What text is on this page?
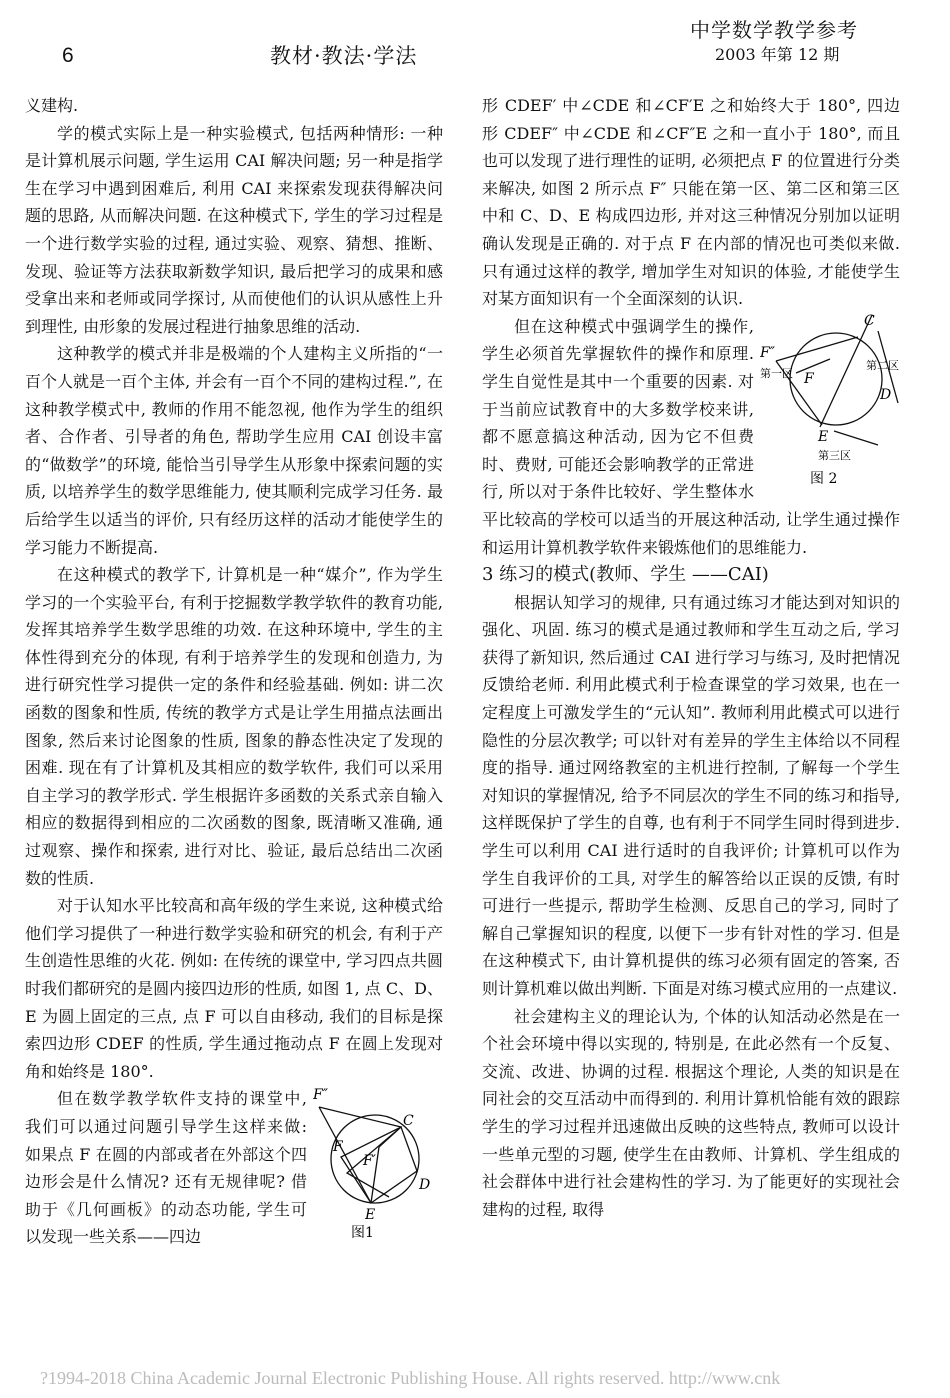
6	教材·教法·学法
中学数学教学参考
2003 年第 12 期

义建构.

学的模式实际上是一种实验模式, 包括两种情形: 一种是计算机展示问题, 学生运用 CAI 解决问题; 另一种是指学生在学习中遇到困难后, 利用 CAI 来探索发现获得解决问题的思路, 从而解决问题. 在这种模式下, 学生的学习过程是一个进行数学实验的过程, 通过实验、观察、猜想、推断、发现、验证等方法获取新数学知识, 最后把学习的成果和感受拿出来和老师或同学探讨, 从而使他们的认识从感性上升到理性, 由形象的发展过程进行抽象思维的活动.

这种教学的模式并非是极端的个人建构主义所指的“一百个人就是一百个主体, 并会有一百个不同的建构过程.”, 在这种教学模式中, 教师的作用不能忽视, 他作为学生的组织者、合作者、引导者的角色, 帮助学生应用 CAI 创设丰富的“做数学”的环境, 能恰当引导学生从形象中探索问题的实质, 以培养学生的数学思维能力, 使其顺利完成学习任务. 最后给学生以适当的评价, 只有经历这样的活动才能使学生的学习能力不断提高.

在这种模式的教学下, 计算机是一种“媒介”, 作为学生学习的一个实验平台, 有利于挖掘数学教学软件的教育功能, 发挥其培养学生数学思维的功效. 在这种环境中, 学生的主体性得到充分的体现, 有利于培养学生的发现和创造力, 为进行研究性学习提供一定的条件和经验基础. 例如: 讲二次函数的图象和性质, 传统的教学方式是让学生用描点法画出图象, 然后来讨论图象的性质, 图象的静态性决定了发现的困难. 现在有了计算机及其相应的数学软件, 我们可以采用自主学习的教学形式. 学生根据许多函数的关系式亲自输入相应的数据得到相应的二次函数的图象, 既清晰又准确, 通过观察、操作和探索, 进行对比、验证, 最后总结出二次函数的性质.

对于认知水平比较高和高年级的学生来说, 这种模式给他们学习提供了一种进行数学实验和研究的机会, 有利于产生创造性思维的火花. 例如: 在传统的课堂中, 学习四点共圆时我们都研究的是圆内接四边形的性质, 如图 1, 点 C、D、E 为圆上固定的三点, 点 F 可以自由移动, 我们的目标是探索四边形 CDEF 的性质, 学生通过拖动点 F 在圆上发现对角和始终是 180°.

F″
C
F
F′
D
E
图1

但在数学教学软件支持的课堂中, 我们可以通过问题引导学生这样来做: 如果点 F 在圆的内部或者在外部这个四边形会是什么情况? 还有无规律呢? 借助于《几何画板》的动态功能, 学生可以发现一些关系——四边

形 CDEF′ 中∠CDE 和∠CF′E 之和始终大于 180°, 四边形 CDEF″ 中∠CDE 和∠CF″E 之和一直小于 180°, 而且也可以发现了进行理性的证明, 必须把点 F 的位置进行分类来解决, 如图 2 所示点 F″ 只能在第一区、第二区和第三区中和 C、D、E 构成四边形, 并对这三种情况分别加以证明确认发现是正确的. 对于点 F 在内部的情况也可类似来做. 只有通过这样的教学, 增加学生对知识的体验, 才能使学生对某方面知识有一个全面深刻的认识.

C
F″
第一区 F
第二区
D
E
第三区
图 2

但在这种模式中强调学生的操作, 学生必须首先掌握软件的操作和原理. 学生自觉性是其中一个重要的因素. 对于当前应试教育中的大多数学校来讲, 都不愿意搞这种活动, 因为它不但费时、费财, 可能还会影响教学的正常进行, 所以对于条件比较好、学生整体水平比较高的学校可以适当的开展这种活动, 让学生通过操作和运用计算机教学软件来锻炼他们的思维能力.

3 练习的模式(教师、学生 ——CAI)

根据认知学习的规律, 只有通过练习才能达到对知识的强化、巩固. 练习的模式是通过教师和学生互动之后, 学习获得了新知识, 然后通过 CAI 进行学习与练习, 及时把情况反馈给老师. 利用此模式利于检查课堂的学习效果, 也在一定程度上可激发学生的“元认知”. 教师利用此模式可以进行隐性的分层次教学; 可以针对有差异的学生主体给以不同程度的指导. 通过网络教室的主机进行控制, 了解每一个学生对知识的掌握情况, 给予不同层次的学生不同的练习和指导, 这样既保护了学生的自尊, 也有利于不同学生同时得到进步. 学生可以利用 CAI 进行适时的自我评价; 计算机可以作为学生自我评价的工具, 对学生的解答给以正误的反馈, 有时可进行一些提示, 帮助学生检测、反思自己的学习, 同时了解自己掌握知识的程度, 以便下一步有针对性的学习. 但是在这种模式下, 由计算机提供的练习必须有固定的答案, 否则计算机难以做出判断. 下面是对练习模式应用的一点建议.

社会建构主义的理论认为, 个体的认知活动必然是在一个社会环境中得以实现的, 特别是, 在此必然有一个反复、交流、改进、协调的过程. 根据这个理论, 人类的知识是在同社会的交互活动中而得到的. 利用计算机恰能有效的跟踪学生的学习过程并迅速做出反映的这些特点, 教师可以设计一些单元型的习题, 使学生在由教师、计算机、学生组成的社会群体中进行社会建构性的学习. 为了能更好的实现社会建构的过程, 取得

?1994-2018 China Academic Journal Electronic Publishing House. All rights reserved. http://www.cnk
